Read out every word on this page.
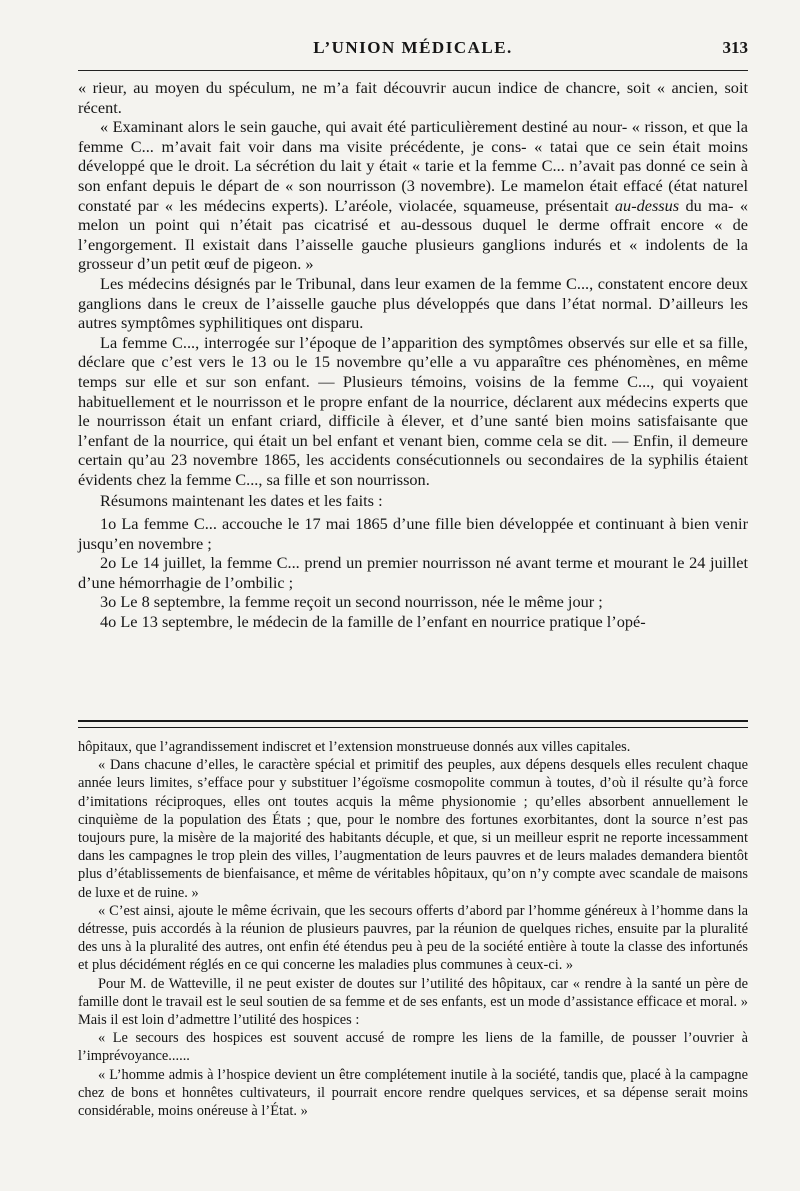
L’UNION MÉDICALE.	313

« rieur, au moyen du spéculum, ne m’a fait découvrir aucun indice de chancre, soit « ancien, soit récent.

« Examinant alors le sein gauche, qui avait été particulièrement destiné au nour- « risson, et que la femme C... m’avait fait voir dans ma visite précédente, je cons- « tatai que ce sein était moins développé que le droit. La sécrétion du lait y était « tarie et la femme C... n’avait pas donné ce sein à son enfant depuis le départ de « son nourrisson (3 novembre). Le mamelon était effacé (état naturel constaté par « les médecins experts). L’aréole, violacée, squameuse, présentait au-dessus du ma- « melon un point qui n’était pas cicatrisé et au-dessous duquel le derme offrait encore « de l’engorgement. Il existait dans l’aisselle gauche plusieurs ganglions indurés et « indolents de la grosseur d’un petit œuf de pigeon. »

Les médecins désignés par le Tribunal, dans leur examen de la femme C..., constatent encore deux ganglions dans le creux de l’aisselle gauche plus développés que dans l’état normal. D’ailleurs les autres symptômes syphilitiques ont disparu.

La femme C..., interrogée sur l’époque de l’apparition des symptômes observés sur elle et sa fille, déclare que c’est vers le 13 ou le 15 novembre qu’elle a vu apparaître ces phénomènes, en même temps sur elle et sur son enfant. — Plusieurs témoins, voisins de la femme C..., qui voyaient habituellement et le nourrisson et le propre enfant de la nourrice, déclarent aux médecins experts que le nourrisson était un enfant criard, difficile à élever, et d’une santé bien moins satisfaisante que l’enfant de la nourrice, qui était un bel enfant et venant bien, comme cela se dit. — Enfin, il demeure certain qu’au 23 novembre 1865, les accidents consécutionnels ou secondaires de la syphilis étaient évidents chez la femme C..., sa fille et son nourrisson.

Résumons maintenant les dates et les faits :

1o La femme C... accouche le 17 mai 1865 d’une fille bien développée et continuant à bien venir jusqu’en novembre ;

2o Le 14 juillet, la femme C... prend un premier nourrisson né avant terme et mourant le 24 juillet d’une hémorrhagie de l’ombilic ;

3o Le 8 septembre, la femme reçoit un second nourrisson, née le même jour ;

4o Le 13 septembre, le médecin de la famille de l’enfant en nourrice pratique l’opé-

hôpitaux, que l’agrandissement indiscret et l’extension monstrueuse donnés aux villes capitales.

« Dans chacune d’elles, le caractère spécial et primitif des peuples, aux dépens desquels elles reculent chaque année leurs limites, s’efface pour y substituer l’égoïsme cosmopolite commun à toutes, d’où il résulte qu’à force d’imitations réciproques, elles ont toutes acquis la même physionomie ; qu’elles absorbent annuellement le cinquième de la population des États ; que, pour le nombre des fortunes exorbitantes, dont la source n’est pas toujours pure, la misère de la majorité des habitants décuple, et que, si un meilleur esprit ne reporte incessamment dans les campagnes le trop plein des villes, l’augmentation de leurs pauvres et de leurs malades demandera bientôt plus d’établissements de bienfaisance, et même de véritables hôpitaux, qu’on n’y compte avec scandale de maisons de luxe et de ruine. »

« C’est ainsi, ajoute le même écrivain, que les secours offerts d’abord par l’homme généreux à l’homme dans la détresse, puis accordés à la réunion de plusieurs pauvres, par la réunion de quelques riches, ensuite par la pluralité des uns à la pluralité des autres, ont enfin été étendus peu à peu de la société entière à toute la classe des infortunés et plus décidément réglés en ce qui concerne les maladies plus communes à ceux-ci. »

Pour M. de Watteville, il ne peut exister de doutes sur l’utilité des hôpitaux, car « rendre à la santé un père de famille dont le travail est le seul soutien de sa femme et de ses enfants, est un mode d’assistance efficace et moral. » Mais il est loin d’admettre l’utilité des hospices :

« Le secours des hospices est souvent accusé de rompre les liens de la famille, de pousser l’ouvrier à l’imprévoyance......

« L’homme admis à l’hospice devient un être complétement inutile à la société, tandis que, placé à la campagne chez de bons et honnêtes cultivateurs, il pourrait encore rendre quelques services, et sa dépense serait moins considérable, moins onéreuse à l’État. »
